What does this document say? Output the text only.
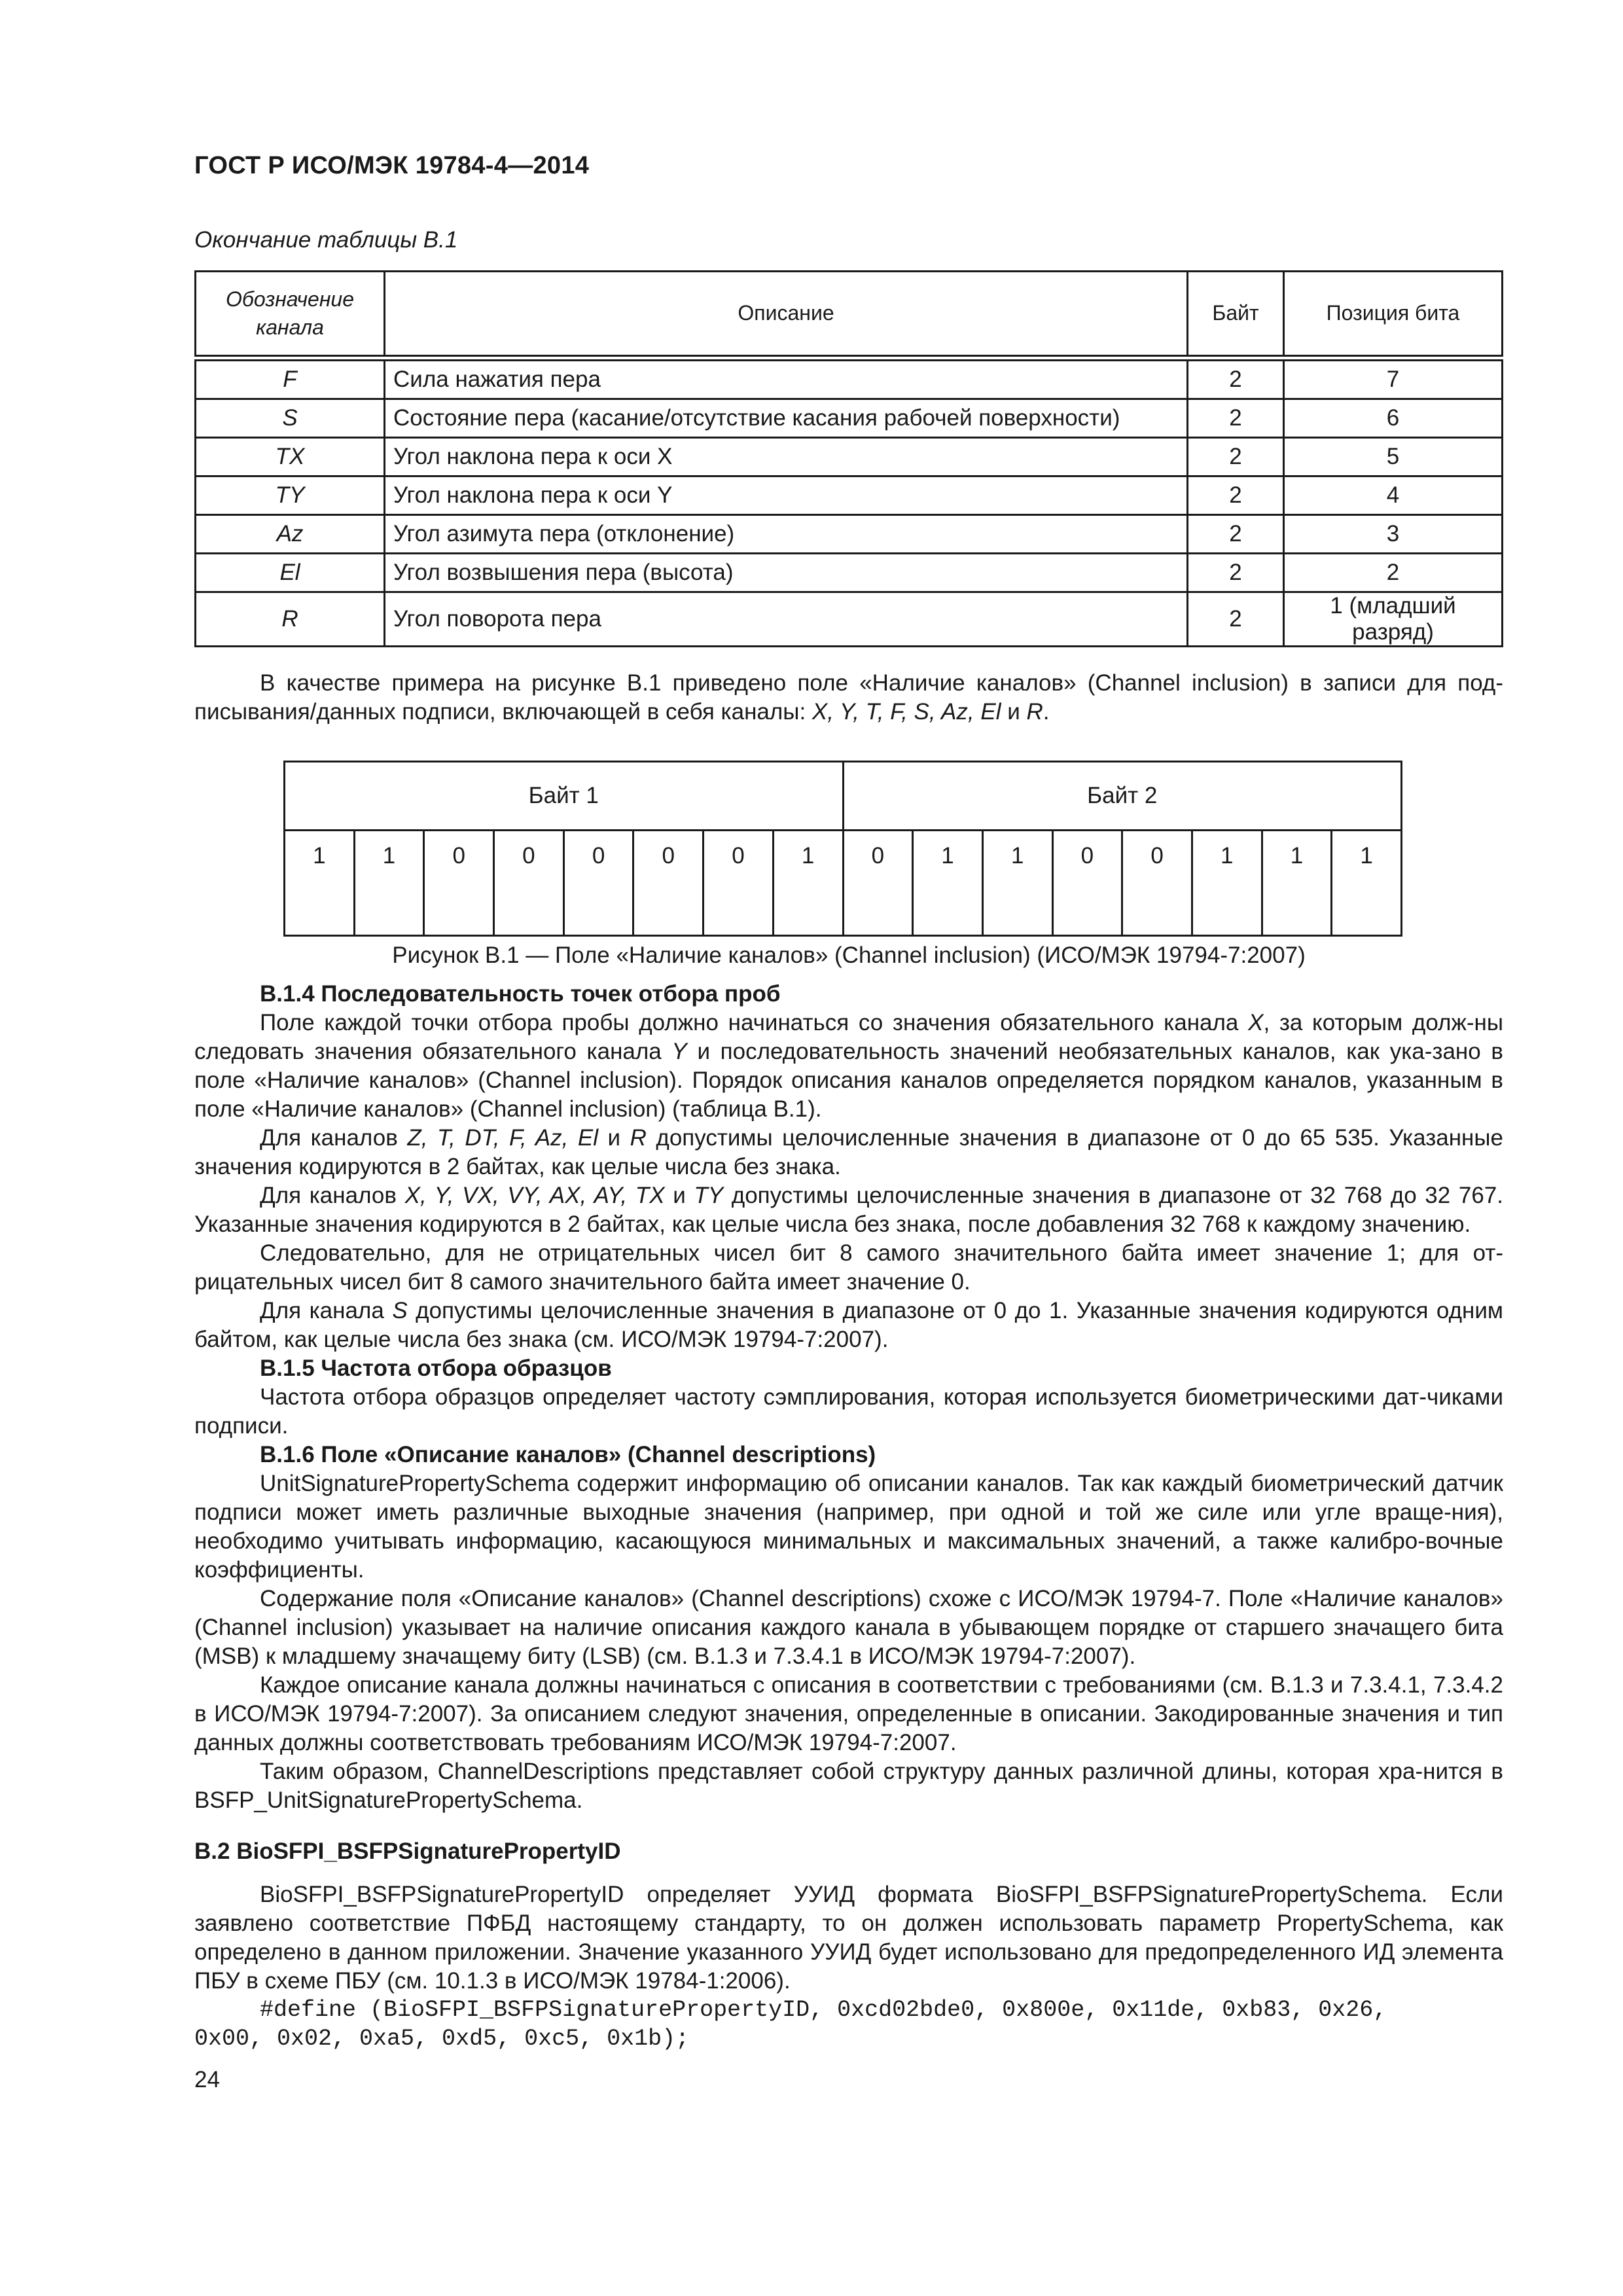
ГОСТ Р ИСО/МЭК 19784-4—2014
Окончание таблицы В.1
Обозначение канала	Описание	Байт	Позиция бита
F	Сила нажатия пера	2	7
S	Состояние пера (касание/отсутствие касания рабочей поверхности)	2	6
TX	Угол наклона пера к оси X	2	5
TY	Угол наклона пера к оси Y	2	4
Az	Угол азимута пера (отклонение)	2	3
El	Угол возвышения пера (высота)	2	2
R	Угол поворота пера	2	1 (младший разряд)
В качестве примера на рисунке В.1 приведено поле «Наличие каналов» (Channel inclusion) в записи для под-писывания/данных подписи, включающей в себя каналы: X, Y, T, F, S, Az, El и R.
Байт 1								Байт 2							
1	1	0	0	0	0	0	1	0	1	1	0	0	1	1	1
Рисунок В.1 — Поле «Наличие каналов» (Channel inclusion) (ИСО/МЭК 19794-7:2007)
В.1.4 Последовательность точек отбора проб
Поле каждой точки отбора пробы должно начинаться со значения обязательного канала X, за которым долж-ны следовать значения обязательного канала Y и последовательность значений необязательных каналов, как ука-зано в поле «Наличие каналов» (Channel inclusion). Порядок описания каналов определяется порядком каналов, указанным в поле «Наличие каналов» (Channel inclusion) (таблица В.1).
Для каналов Z, T, DT, F, Az, El и R допустимы целочисленные значения в диапазоне от 0 до 65 535. Указанные значения кодируются в 2 байтах, как целые числа без знака.
Для каналов X, Y, VX, VY, AX, AY, TX и TY допустимы целочисленные значения в диапазоне от 32 768 до 32 767. Указанные значения кодируются в 2 байтах, как целые числа без знака, после добавления 32 768 к каждому значению.
Следовательно, для не отрицательных чисел бит 8 самого значительного байта имеет значение 1; для от-рицательных чисел бит 8 самого значительного байта имеет значение 0.
Для канала S допустимы целочисленные значения в диапазоне от 0 до 1. Указанные значения кодируются одним байтом, как целые числа без знака (см. ИСО/МЭК 19794-7:2007).
В.1.5 Частота отбора образцов
Частота отбора образцов определяет частоту сэмплирования, которая используется биометрическими дат-чиками подписи.
В.1.6 Поле «Описание каналов» (Channel descriptions)
UnitSignaturePropertySchema содержит информацию об описании каналов. Так как каждый биометрический датчик подписи может иметь различные выходные значения (например, при одной и той же силе или угле враще-ния), необходимо учитывать информацию, касающуюся минимальных и максимальных значений, а также калибро-вочные коэффициенты.
Содержание поля «Описание каналов» (Channel descriptions) схоже с ИСО/МЭК 19794-7. Поле «Наличие каналов» (Channel inclusion) указывает на наличие описания каждого канала в убывающем порядке от старшего значащего бита (MSB) к младшему значащему биту (LSB) (см. В.1.3 и 7.3.4.1 в ИСО/МЭК 19794-7:2007).
Каждое описание канала должны начинаться с описания в соответствии с требованиями (см. В.1.3 и 7.3.4.1, 7.3.4.2 в ИСО/МЭК 19794-7:2007). За описанием следуют значения, определенные в описании. Закодированные значения и тип данных должны соответствовать требованиям ИСО/МЭК 19794-7:2007.
Таким образом, ChannelDescriptions представляет собой структуру данных различной длины, которая хра-нится в BSFP_UnitSignaturePropertySchema.
В.2 BioSFPI_BSFPSignaturePropertyID
BioSFPI_BSFPSignaturePropertyID определяет УУИД формата BioSFPI_BSFPSignaturePropertySchema. Если заявлено соответствие ПФБД настоящему стандарту, то он должен использовать параметр PropertySchema, как определено в данном приложении. Значение указанного УУИД будет использовано для предопределенного ИД элемента ПБУ в схеме ПБУ (см. 10.1.3 в ИСО/МЭК 19784-1:2006).
#define (BioSFPI_BSFPSignaturePropertyID, 0xcd02bde0, 0x800e, 0x11de, 0xb83, 0x26,
0x00, 0x02, 0xa5, 0xd5, 0xc5, 0x1b);
24
